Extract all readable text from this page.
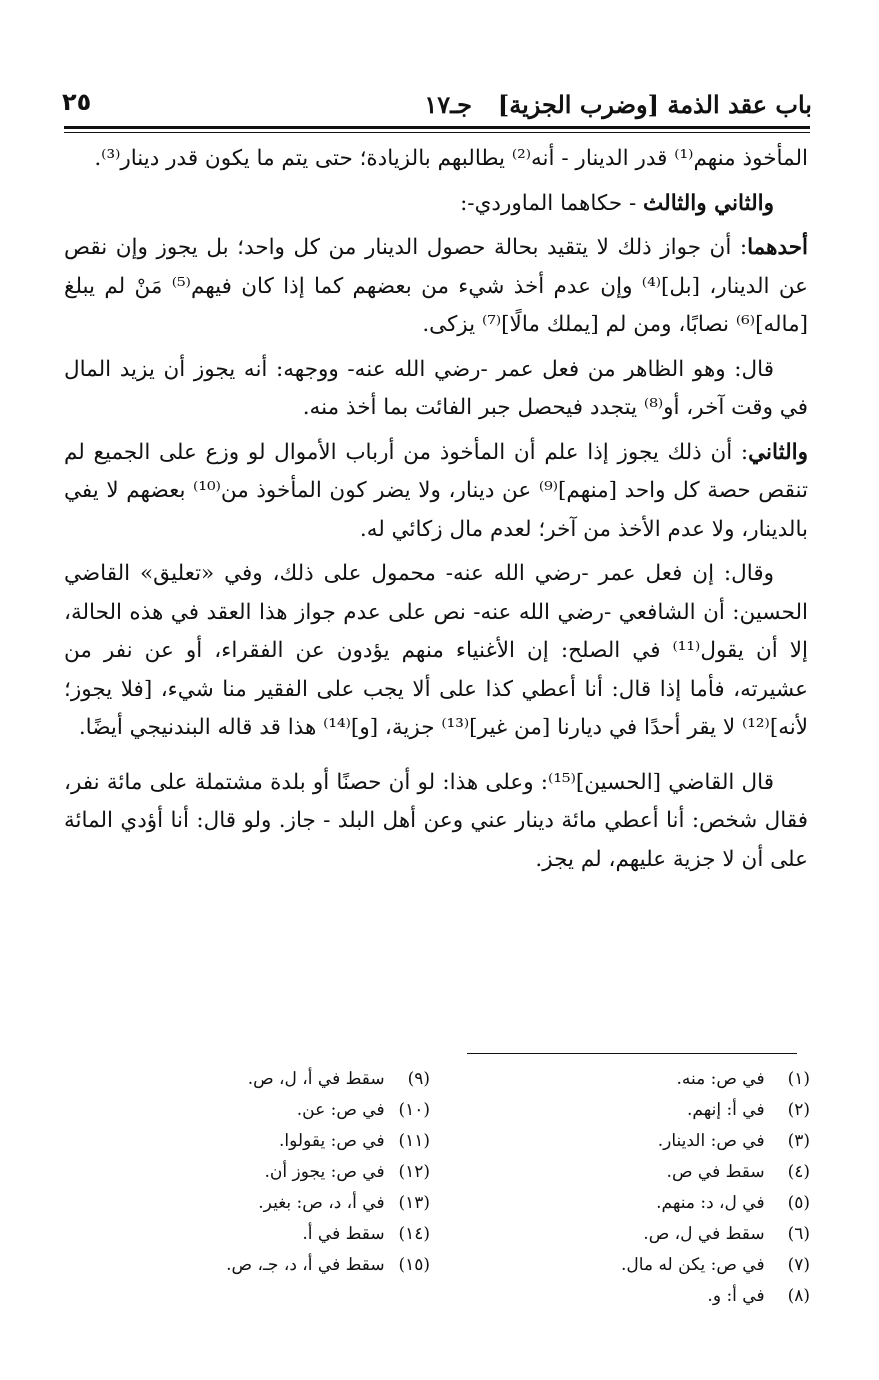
باب عقد الذمة [وضرب الجزية]
جـ١٧
٢٥

المأخوذ منهم⁽¹⁾ قدر الدينار - أنه⁽²⁾ يطالبهم بالزيادة؛ حتى يتم ما يكون قدر دينار⁽³⁾.

والثاني والثالث - حكاهما الماوردي-:

أحدهما: أن جواز ذلك لا يتقيد بحالة حصول الدينار من كل واحد؛ بل يجوز وإن نقص عن الدينار، [بل]⁽⁴⁾ وإن عدم أخذ شيء من بعضهم كما إذا كان فيهم⁽⁵⁾ مَنْ لم يبلغ [ماله]⁽⁶⁾ نصابًا، ومن لم [يملك مالًا]⁽⁷⁾ يزكى.

قال: وهو الظاهر من فعل عمر -رضي الله عنه- ووجهه: أنه يجوز أن يزيد المال في وقت آخر، أو⁽⁸⁾ يتجدد فيحصل جبر الفائت بما أخذ منه.

والثاني: أن ذلك يجوز إذا علم أن المأخوذ من أرباب الأموال لو وزع على الجميع لم تنقص حصة كل واحد [منهم]⁽⁹⁾ عن دينار، ولا يضر كون المأخوذ من⁽¹⁰⁾ بعضهم لا يفي بالدينار، ولا عدم الأخذ من آخر؛ لعدم مال زكائي له.

وقال: إن فعل عمر -رضي الله عنه- محمول على ذلك، وفي «تعليق» القاضي الحسين: أن الشافعي -رضي الله عنه- نص على عدم جواز هذا العقد في هذه الحالة، إلا أن يقول⁽¹¹⁾ في الصلح: إن الأغنياء منهم يؤدون عن الفقراء، أو عن نفر من عشيرته، فأما إذا قال: أنا أعطي كذا على ألا يجب على الفقير منا شيء، [فلا يجوز؛ لأنه]⁽¹²⁾ لا يقر أحدًا في ديارنا [من غير]⁽¹³⁾ جزية، [و]⁽¹⁴⁾ هذا قد قاله البندنيجي أيضًا.

قال القاضي [الحسين]⁽¹⁵⁾: وعلى هذا: لو أن حصنًا أو بلدة مشتملة على مائة نفر، فقال شخص: أنا أعطي مائة دينار عني وعن أهل البلد - جاز. ولو قال: أنا أؤدي المائة على أن لا جزية عليهم، لم يجز.

(١) في ص: منه.
(٢) في أ: إنهم.
(٣) في ص: الدينار.
(٤) سقط في ص.
(٥) في ل، د: منهم.
(٦) سقط في ل، ص.
(٧) في ص: يكن له مال.
(٨) في أ: و.
(٩) سقط في أ، ل، ص.
(١٠) في ص: عن.
(١١) في ص: يقولوا.
(١٢) في ص: يجوز أن.
(١٣) في أ، د، ص: بغير.
(١٤) سقط في أ.
(١٥) سقط في أ، د، جـ، ص.
